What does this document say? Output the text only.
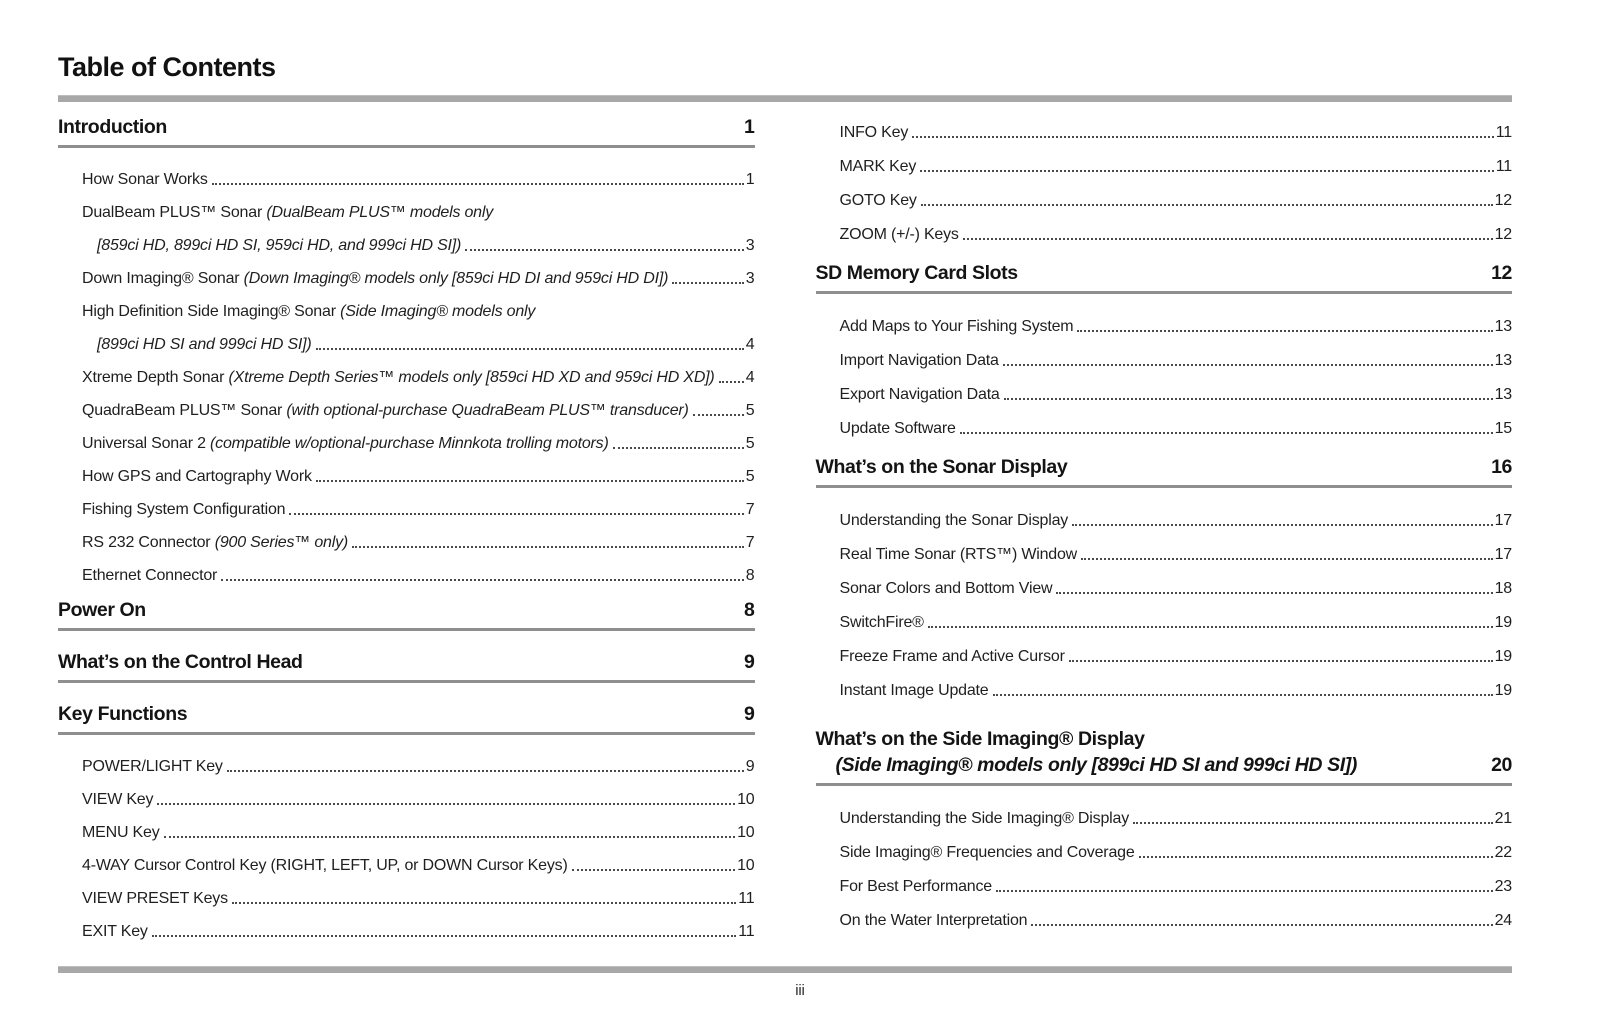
Table of Contents
Introduction	1
How Sonar Works	1
DualBeam PLUS™ Sonar (DualBeam PLUS™ models only
[859ci HD, 899ci HD SI, 959ci HD, and 999ci HD SI])	3
Down Imaging® Sonar (Down Imaging® models only [859ci HD DI and 959ci HD DI])	3
High Definition Side Imaging® Sonar (Side Imaging® models only
[899ci HD SI and 999ci HD SI])	4
Xtreme Depth Sonar (Xtreme Depth Series™ models only [859ci HD XD and 959ci HD XD]) 4
QuadraBeam PLUS™ Sonar (with optional-purchase QuadraBeam PLUS™ transducer)	5
Universal Sonar 2 (compatible w/optional-purchase Minnkota trolling motors)	5
How GPS and Cartography Work	5
Fishing System Configuration	7
RS 232 Connector (900 Series™ only)	7
Ethernet Connector	8
Power On	8
What’s on the Control Head	9
Key Functions	9
POWER/LIGHT Key	9
VIEW Key	10
MENU Key	10
4-WAY Cursor Control Key (RIGHT, LEFT, UP, or DOWN Cursor Keys)	10
VIEW PRESET Keys	11
EXIT Key	11
INFO Key	11
MARK Key	11
GOTO Key	12
ZOOM (+/-) Keys	12
SD Memory Card Slots	12
Add Maps to Your Fishing System	13
Import Navigation Data	13
Export Navigation Data	13
Update Software	15
What’s on the Sonar Display	16
Understanding the Sonar Display	17
Real Time Sonar (RTS™) Window	17
Sonar Colors and Bottom View	18
SwitchFire®	19
Freeze Frame and Active Cursor	19
Instant Image Update	19
What’s on the Side Imaging® Display
(Side Imaging® models only [899ci HD SI and 999ci HD SI])	20
Understanding the Side Imaging® Display	21
Side Imaging® Frequencies and Coverage	22
For Best Performance	23
On the Water Interpretation	24
iii
